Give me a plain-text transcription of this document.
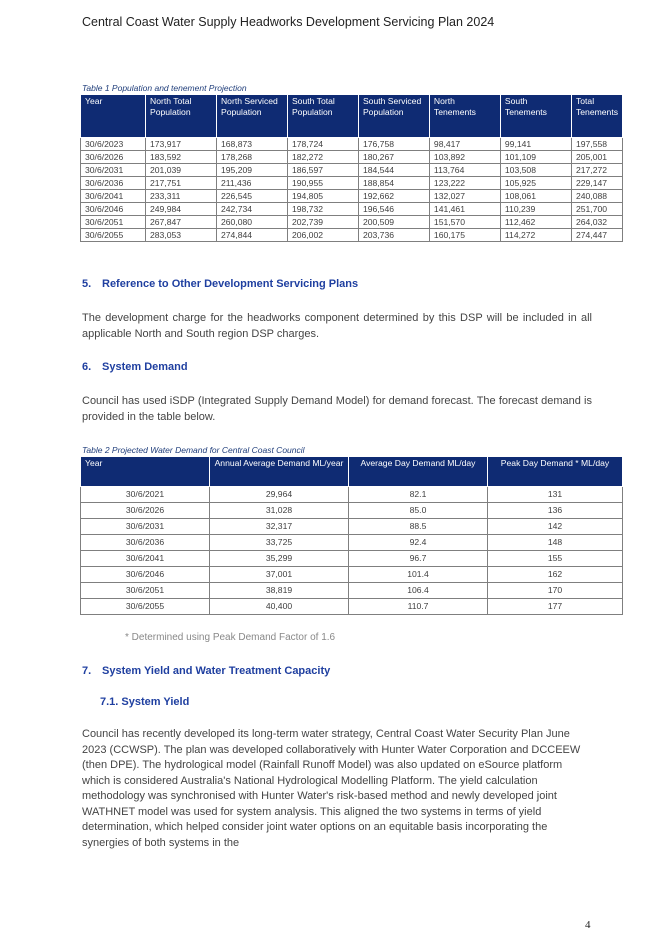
Central Coast Water Supply Headworks Development Servicing Plan 2024
Table 1 Population and tenement Projection
Year	North Total Population	North Serviced Population	South Total Population	South Serviced Population	North Tenements	South Tenements	Total Tenements
30/6/2023	173,917	168,873	178,724	176,758	98,417	99,141	197,558
30/6/2026	183,592	178,268	182,272	180,267	103,892	101,109	205,001
30/6/2031	201,039	195,209	186,597	184,544	113,764	103,508	217,272
30/6/2036	217,751	211,436	190,955	188,854	123,222	105,925	229,147
30/6/2041	233,311	226,545	194,805	192,662	132,027	108,061	240,088
30/6/2046	249,984	242,734	198,732	196,546	141,461	110,239	251,700
30/6/2051	267,847	260,080	202,739	200,509	151,570	112,462	264,032
30/6/2055	283,053	274,844	206,002	203,736	160,175	114,272	274,447
5. Reference to Other Development Servicing Plans
The development charge for the headworks component determined by this DSP will be included in all applicable North and South region DSP charges.
6. System Demand
Council has used iSDP (Integrated Supply Demand Model) for demand forecast. The forecast demand is provided in the table below.
Table 2 Projected Water Demand for Central Coast Council
Year	Annual Average Demand ML/year	Average Day Demand ML/day	Peak Day Demand * ML/day
30/6/2021	29,964	82.1	131
30/6/2026	31,028	85.0	136
30/6/2031	32,317	88.5	142
30/6/2036	33,725	92.4	148
30/6/2041	35,299	96.7	155
30/6/2046	37,001	101.4	162
30/6/2051	38,819	106.4	170
30/6/2055	40,400	110.7	177
* Determined using Peak Demand Factor of 1.6
7. System Yield and Water Treatment Capacity
7.1. System Yield
Council has recently developed its long-term water strategy, Central Coast Water Security Plan June 2023 (CCWSP). The plan was developed collaboratively with Hunter Water Corporation and DCCEEW (then DPE). The hydrological model (Rainfall Runoff Model) was also updated on eSource platform which is considered Australia's National Hydrological Modelling Platform. The yield calculation methodology was synchronised with Hunter Water's risk-based method and newly developed joint WATHNET model was used for system analysis. This aligned the two systems in terms of yield determination, which helped consider joint water options on an equitable basis incorporating the synergies of both systems in the
4
